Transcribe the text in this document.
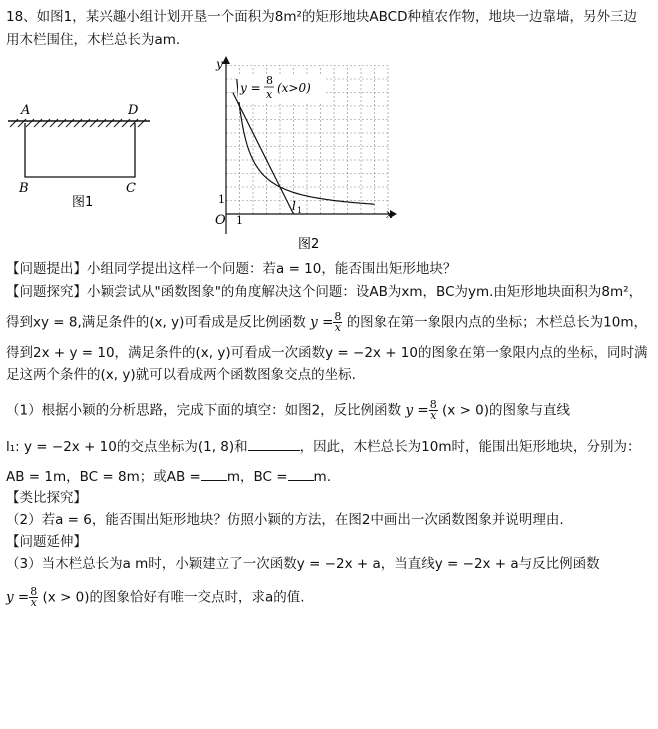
18、如图1，某兴趣小组计划开垦一个面积为8m²的矩形地块ABCD种植农作物，地块一边靠墙，另外三边
用木栏围住，木栏总长为am.
A	D
B	C
图1
x
y
O 1
1
y =
8
x (x>0)
l 1
图2
【问题提出】小组同学提出这样一个问题：若a = 10，能否围出矩形地块？
【问题探究】小颖尝试从"函数图象"的角度解决这个问题：设AB为xm，BC为ym.由矩形地块面积为8m²，
得到xy = 8,满足条件的(x, y)可看成是反比例函数 $y = \frac{8}{x}$ 的图象在第一象限内点的坐标；木栏总长为10m，
得到2x + y = 10，满足条件的(x, y)可看成一次函数y = −2x + 10的图象在第一象限内点的坐标，同时满
足这两个条件的(x, y)就可以看成两个函数图象交点的坐标.
（1）根据小颖的分析思路，完成下面的填空：如图2，反比例函数 $y = \frac{8}{x} (x > 0)$的图象与直线
l₁: y = −2x + 10的交点坐标为(1, 8)和	，因此，木栏总长为10m时，能围出矩形地块，分别为：
AB = 1m，BC = 8m；或AB = m，BC = m.
【类比探究】
（2）若a = 6，能否围出矩形地块？仿照小颖的方法，在图2中画出一次函数图象并说明理由.
【问题延伸】
（3）当木栏总长为a m时，小颖建立了一次函数y = −2x + a，当直线y = −2x + a与反比例函数
$y = \frac{8}{x} (x > 0)$的图象恰好有唯一交点时，求a的值.
